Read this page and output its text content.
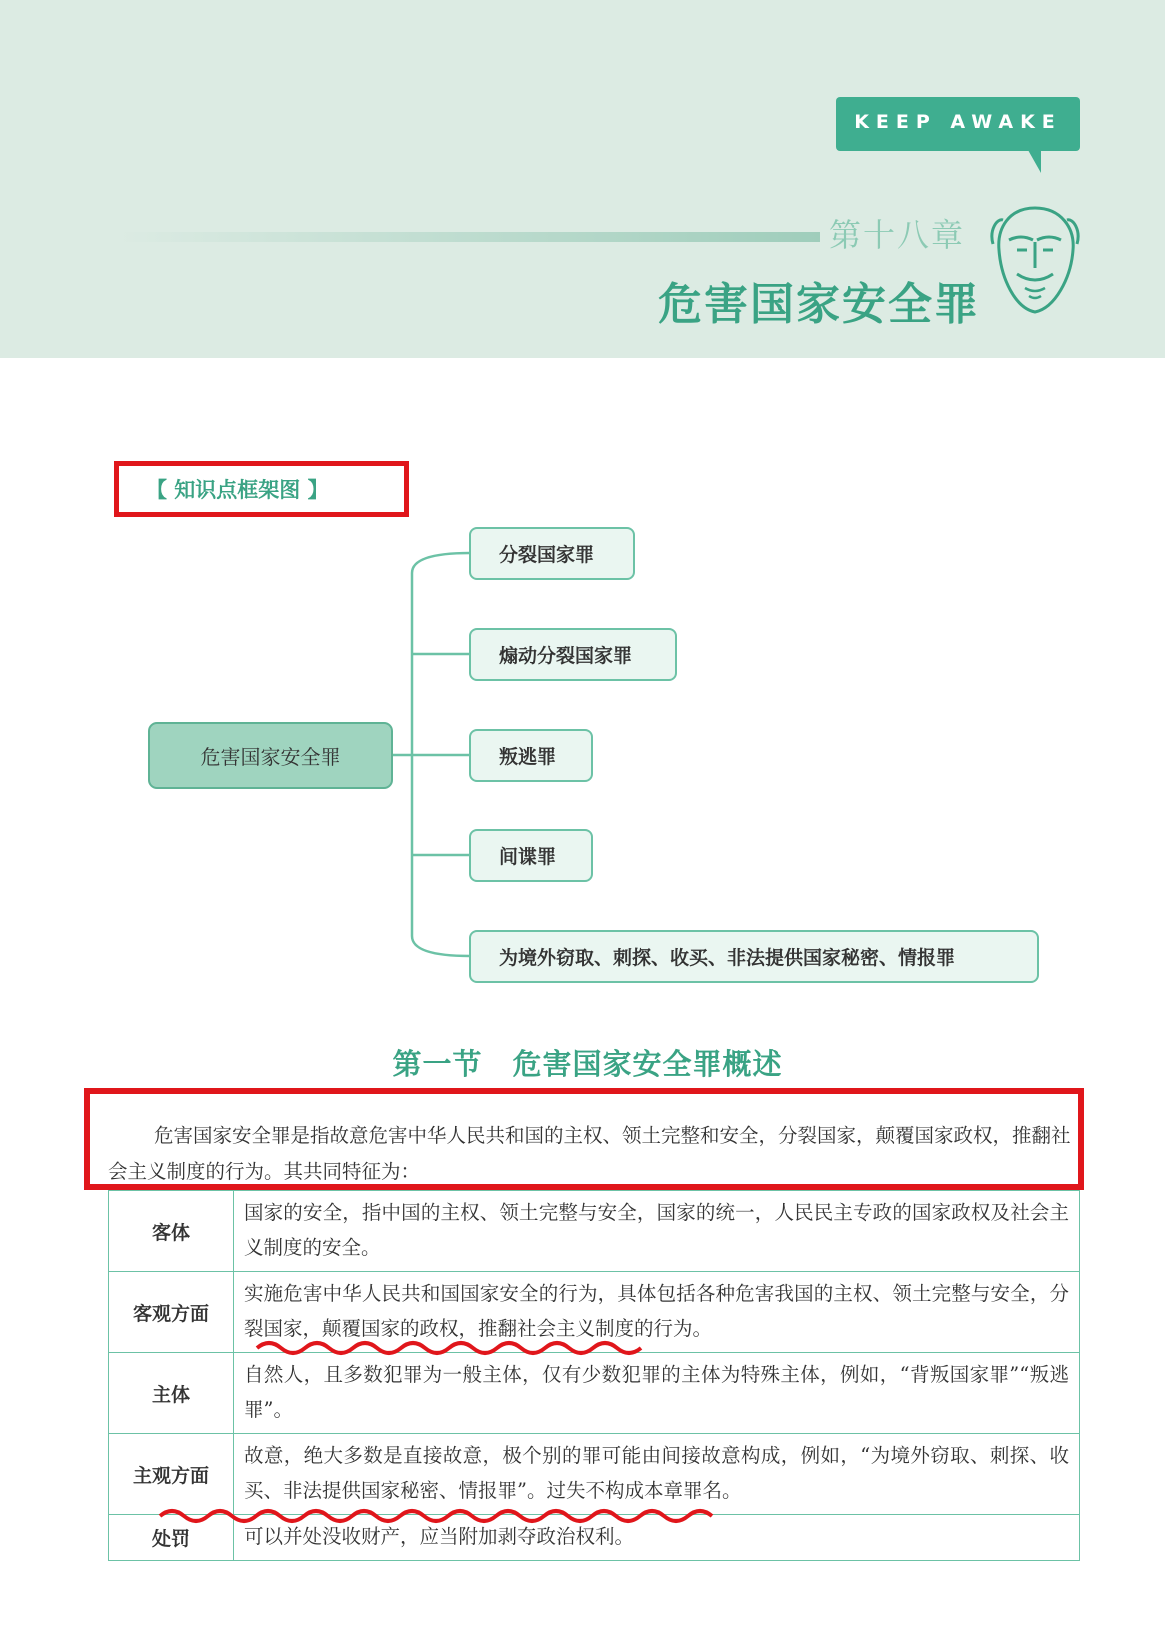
KEEP AWAKE
第十八章
危害国家安全罪
【 知识点框架图 】
危害国家安全罪
分裂国家罪
煽动分裂国家罪
叛逃罪
间谍罪
为境外窃取、刺探、收买、非法提供国家秘密、情报罪
第一节　危害国家安全罪概述
危害国家安全罪是指故意危害中华人民共和国的主权、领土完整和安全，分裂国家，颠覆国家政权，推翻社会主义制度的行为。其共同特征为：
客体	国家的安全，指中国的主权、领土完整与安全，国家的统一，人民民主专政的国家政权及社会主义制度的安全。
客观方面	实施危害中华人民共和国国家安全的行为，具体包括各种危害我国的主权、领土完整与安全，分裂国家，颠覆国家的政权，推翻社会主义制度的行为。
主体	自然人，且多数犯罪为一般主体，仅有少数犯罪的主体为特殊主体，例如，“背叛国家罪”“叛逃罪”。
主观方面	故意，绝大多数是直接故意，极个别的罪可能由间接故意构成，例如，“为境外窃取、刺探、收买、非法提供国家秘密、情报罪”。过失不构成本章罪名。
处罚	可以并处没收财产，应当附加剥夺政治权利。
